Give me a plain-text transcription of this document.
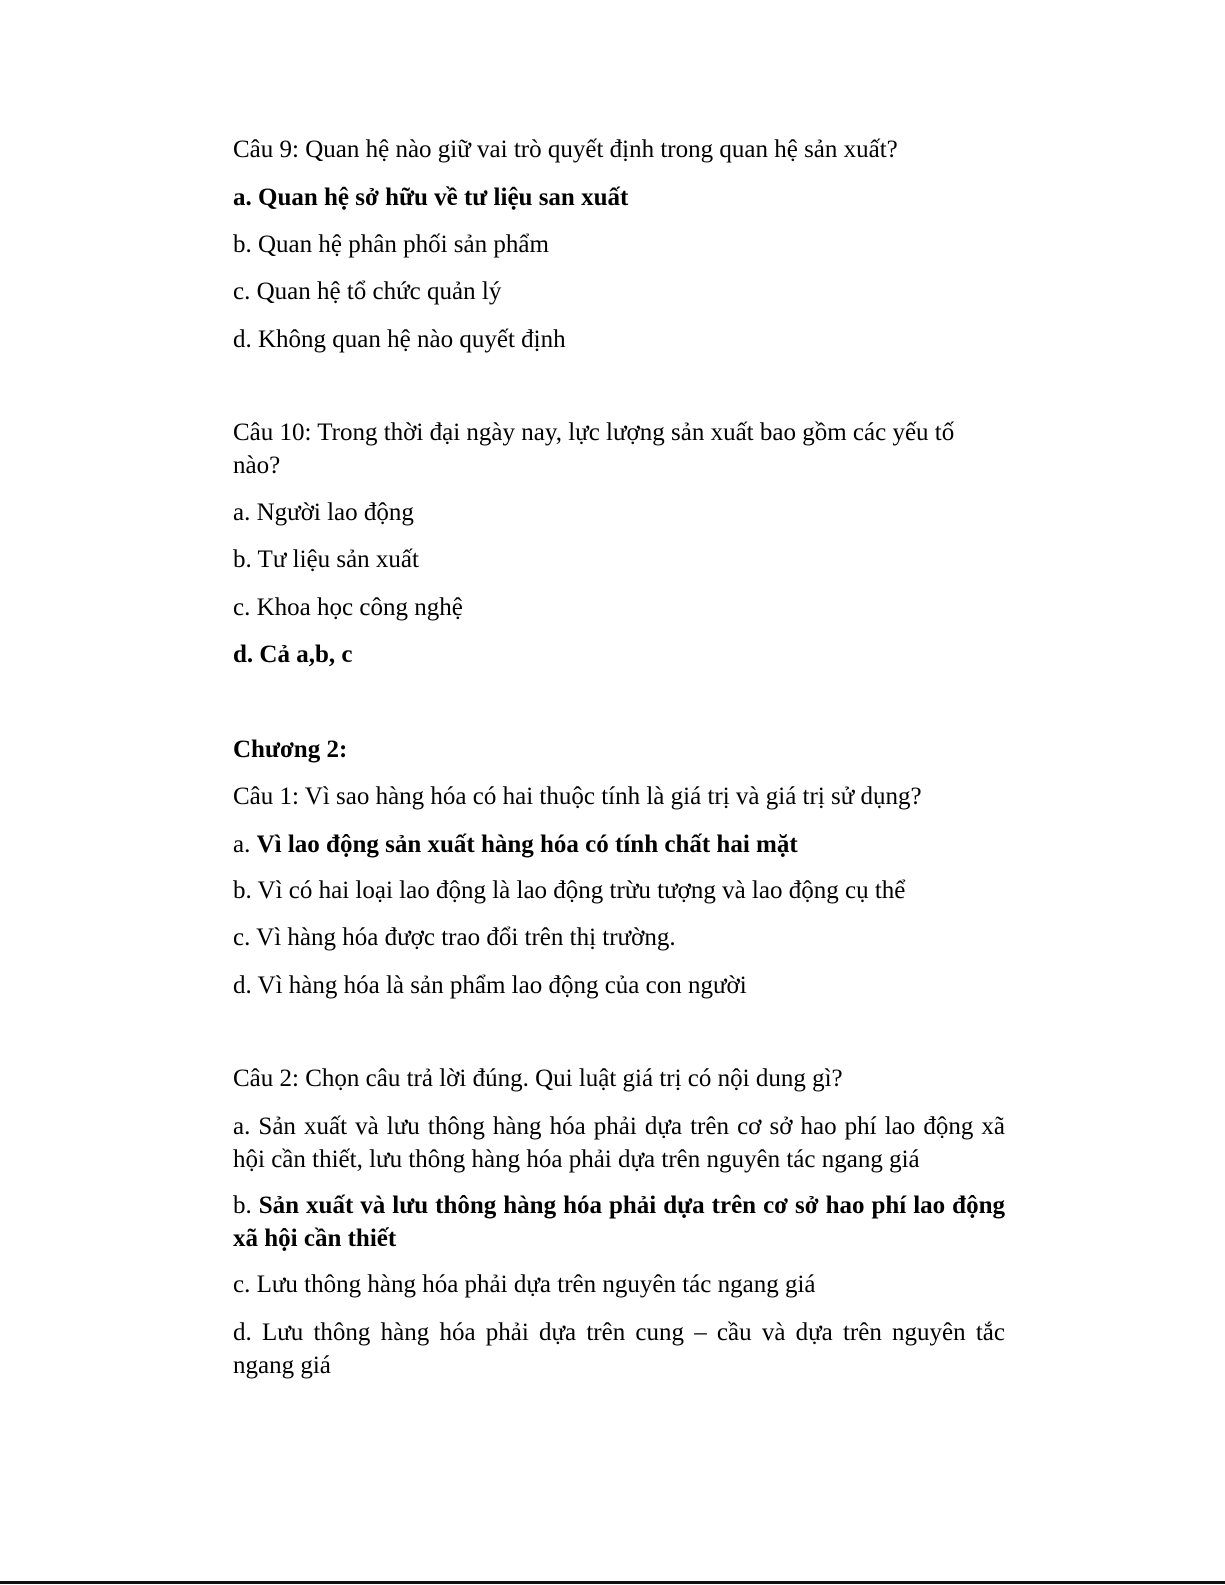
Câu 9: Quan hệ nào giữ vai trò quyết định trong quan hệ sản xuất?

a. Quan hệ sở hữu về tư liệu san xuất

b. Quan hệ phân phối sản phẩm

c. Quan hệ tổ chức quản lý

d. Không quan hệ nào quyết định

Câu 10: Trong thời đại ngày nay, lực lượng sản xuất bao gồm các yếu tố nào?

a. Người lao động

b. Tư liệu sản xuất

c. Khoa học công nghệ

d. Cả a,b, c

Chương 2:

Câu 1: Vì sao hàng hóa có hai thuộc tính là giá trị và giá trị sử dụng?

a. Vì lao động sản xuất hàng hóa có tính chất hai mặt

b. Vì có hai loại lao động là lao động trừu tượng và lao động cụ thể

c. Vì hàng hóa được trao đổi trên thị trường.

d. Vì hàng hóa là sản phẩm lao động của con người

Câu 2: Chọn câu trả lời đúng. Qui luật giá trị có nội dung gì?

a. Sản xuất và lưu thông hàng hóa phải dựa trên cơ sở hao phí lao động xã hội cần thiết, lưu thông hàng hóa phải dựa trên nguyên tác ngang giá

b. Sản xuất và lưu thông hàng hóa phải dựa trên cơ sở hao phí lao động xã hội cần thiết

c. Lưu thông hàng hóa phải dựa trên nguyên tác ngang giá

d. Lưu thông hàng hóa phải dựa trên cung – cầu và dựa trên nguyên tắc ngang giá
